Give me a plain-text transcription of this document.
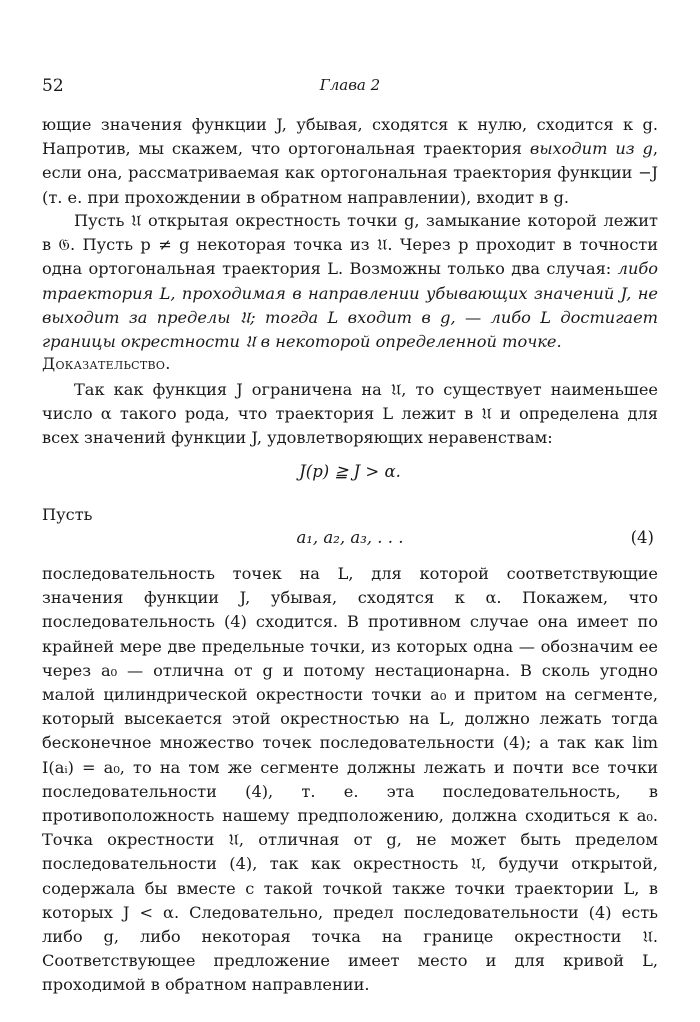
52	Глава 2
ющие значения функции J, убывая, сходятся к нулю, сходится к g. Напротив, мы скажем, что ортогональная траектория выходит из g, если она, рассматриваемая как ортогональная траектория функции −J (т. е. при прохождении в обратном направлении), входит в g.
Пусть 𝔘 открытая окрестность точки g, замыкание которой лежит в 𝔊. Пусть p ≠ g некоторая точка из 𝔘. Через p проходит в точности одна ортогональная траектория L. Возможны только два случая: либо траектория L, проходимая в направлении убывающих значений J, не выходит за пределы 𝔘; тогда L входит в g, — либо L достигает границы окрестности 𝔘 в некоторой определенной точке.
Доказательство.
Так как функция J ограничена на 𝔘, то существует наименьшее число α такого рода, что траектория L лежит в 𝔘 и определена для всех значений функции J, удовлетворяющих неравенствам:
J(p) ≧ J > α.
Пусть
a₁, a₂, a₃, . . .	(4)
последовательность точек на L, для которой соответствующие значения функции J, убывая, сходятся к α. Покажем, что последовательность (4) сходится. В противном случае она имеет по крайней мере две предельные точки, из которых одна — обозначим ее через a₀ — отлична от g и потому нестационарна. В сколь угодно малой цилиндрической окрестности точки a₀ и притом на сегменте, который высекается этой окрестностью на L, должно лежать тогда бесконечное множество точек последовательности (4); а так как lim I(aᵢ) = a₀, то на том же сегменте должны лежать и почти все точки последовательности (4), т. е. эта последовательность, в противоположность нашему предположению, должна сходиться к a₀. Точка окрестности 𝔘, отличная от g, не может быть пределом последовательности (4), так как окрестность 𝔘, будучи открытой, содержала бы вместе с такой точкой также точки траектории L, в которых J < α. Следовательно, предел последовательности (4) есть либо g, либо некоторая точка на границе окрестности 𝔘. Соответствующее предложение имеет место и для кривой L, проходимой в обратном направлении.
